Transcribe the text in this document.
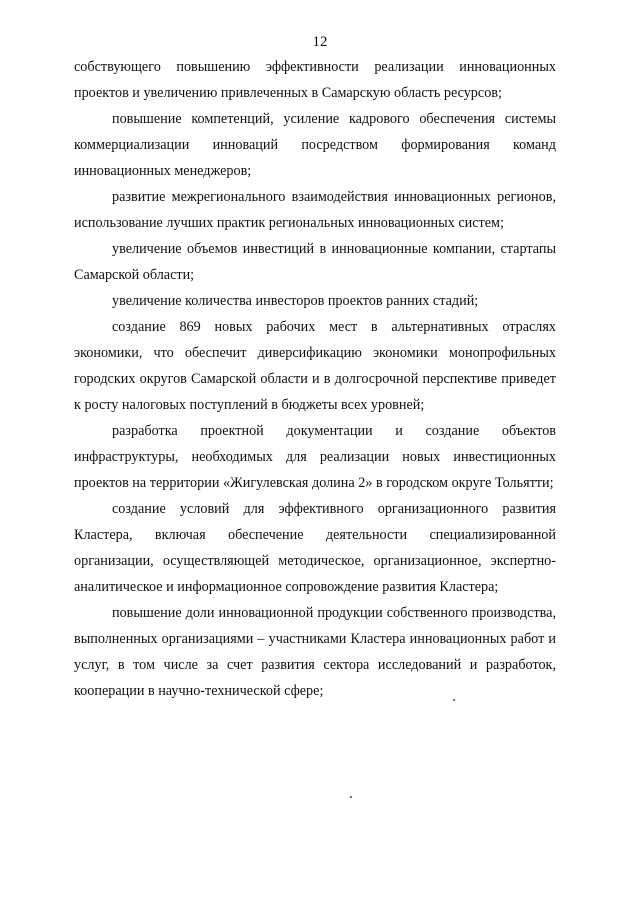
12

собствующего повышению эффективности реализации инновационных проектов и увеличению привлеченных в Самарскую область ресурсов;

повышение компетенций, усиление кадрового обеспечения системы коммерциализации инноваций посредством формирования команд инновационных менеджеров;

развитие межрегионального взаимодействия инновационных регионов, использование лучших практик региональных инновационных систем;

увеличение объемов инвестиций в инновационные компании, стартапы Самарской области;

увеличение количества инвесторов проектов ранних стадий;

создание 869 новых рабочих мест в альтернативных отраслях экономики, что обеспечит диверсификацию экономики монопрофильных городских округов Самарской области и в долгосрочной перспективе приведет к росту налоговых поступлений в бюджеты всех уровней;

разработка проектной документации и создание объектов инфраструктуры, необходимых для реализации новых инвестиционных проектов на территории «Жигулевская долина 2» в городском округе Тольятти;

создание условий для эффективного организационного развития Кластера, включая обеспечение деятельности специализированной организации, осуществляющей методическое, организационное, экспертно-аналитическое и информационное сопровождение развития Кластера;

повышение доли инновационной продукции собственного производства, выполненных организациями – участниками Кластера инновационных работ и услуг, в том числе за счет развития сектора исследований и разработок, кооперации в научно-технической сфере;
